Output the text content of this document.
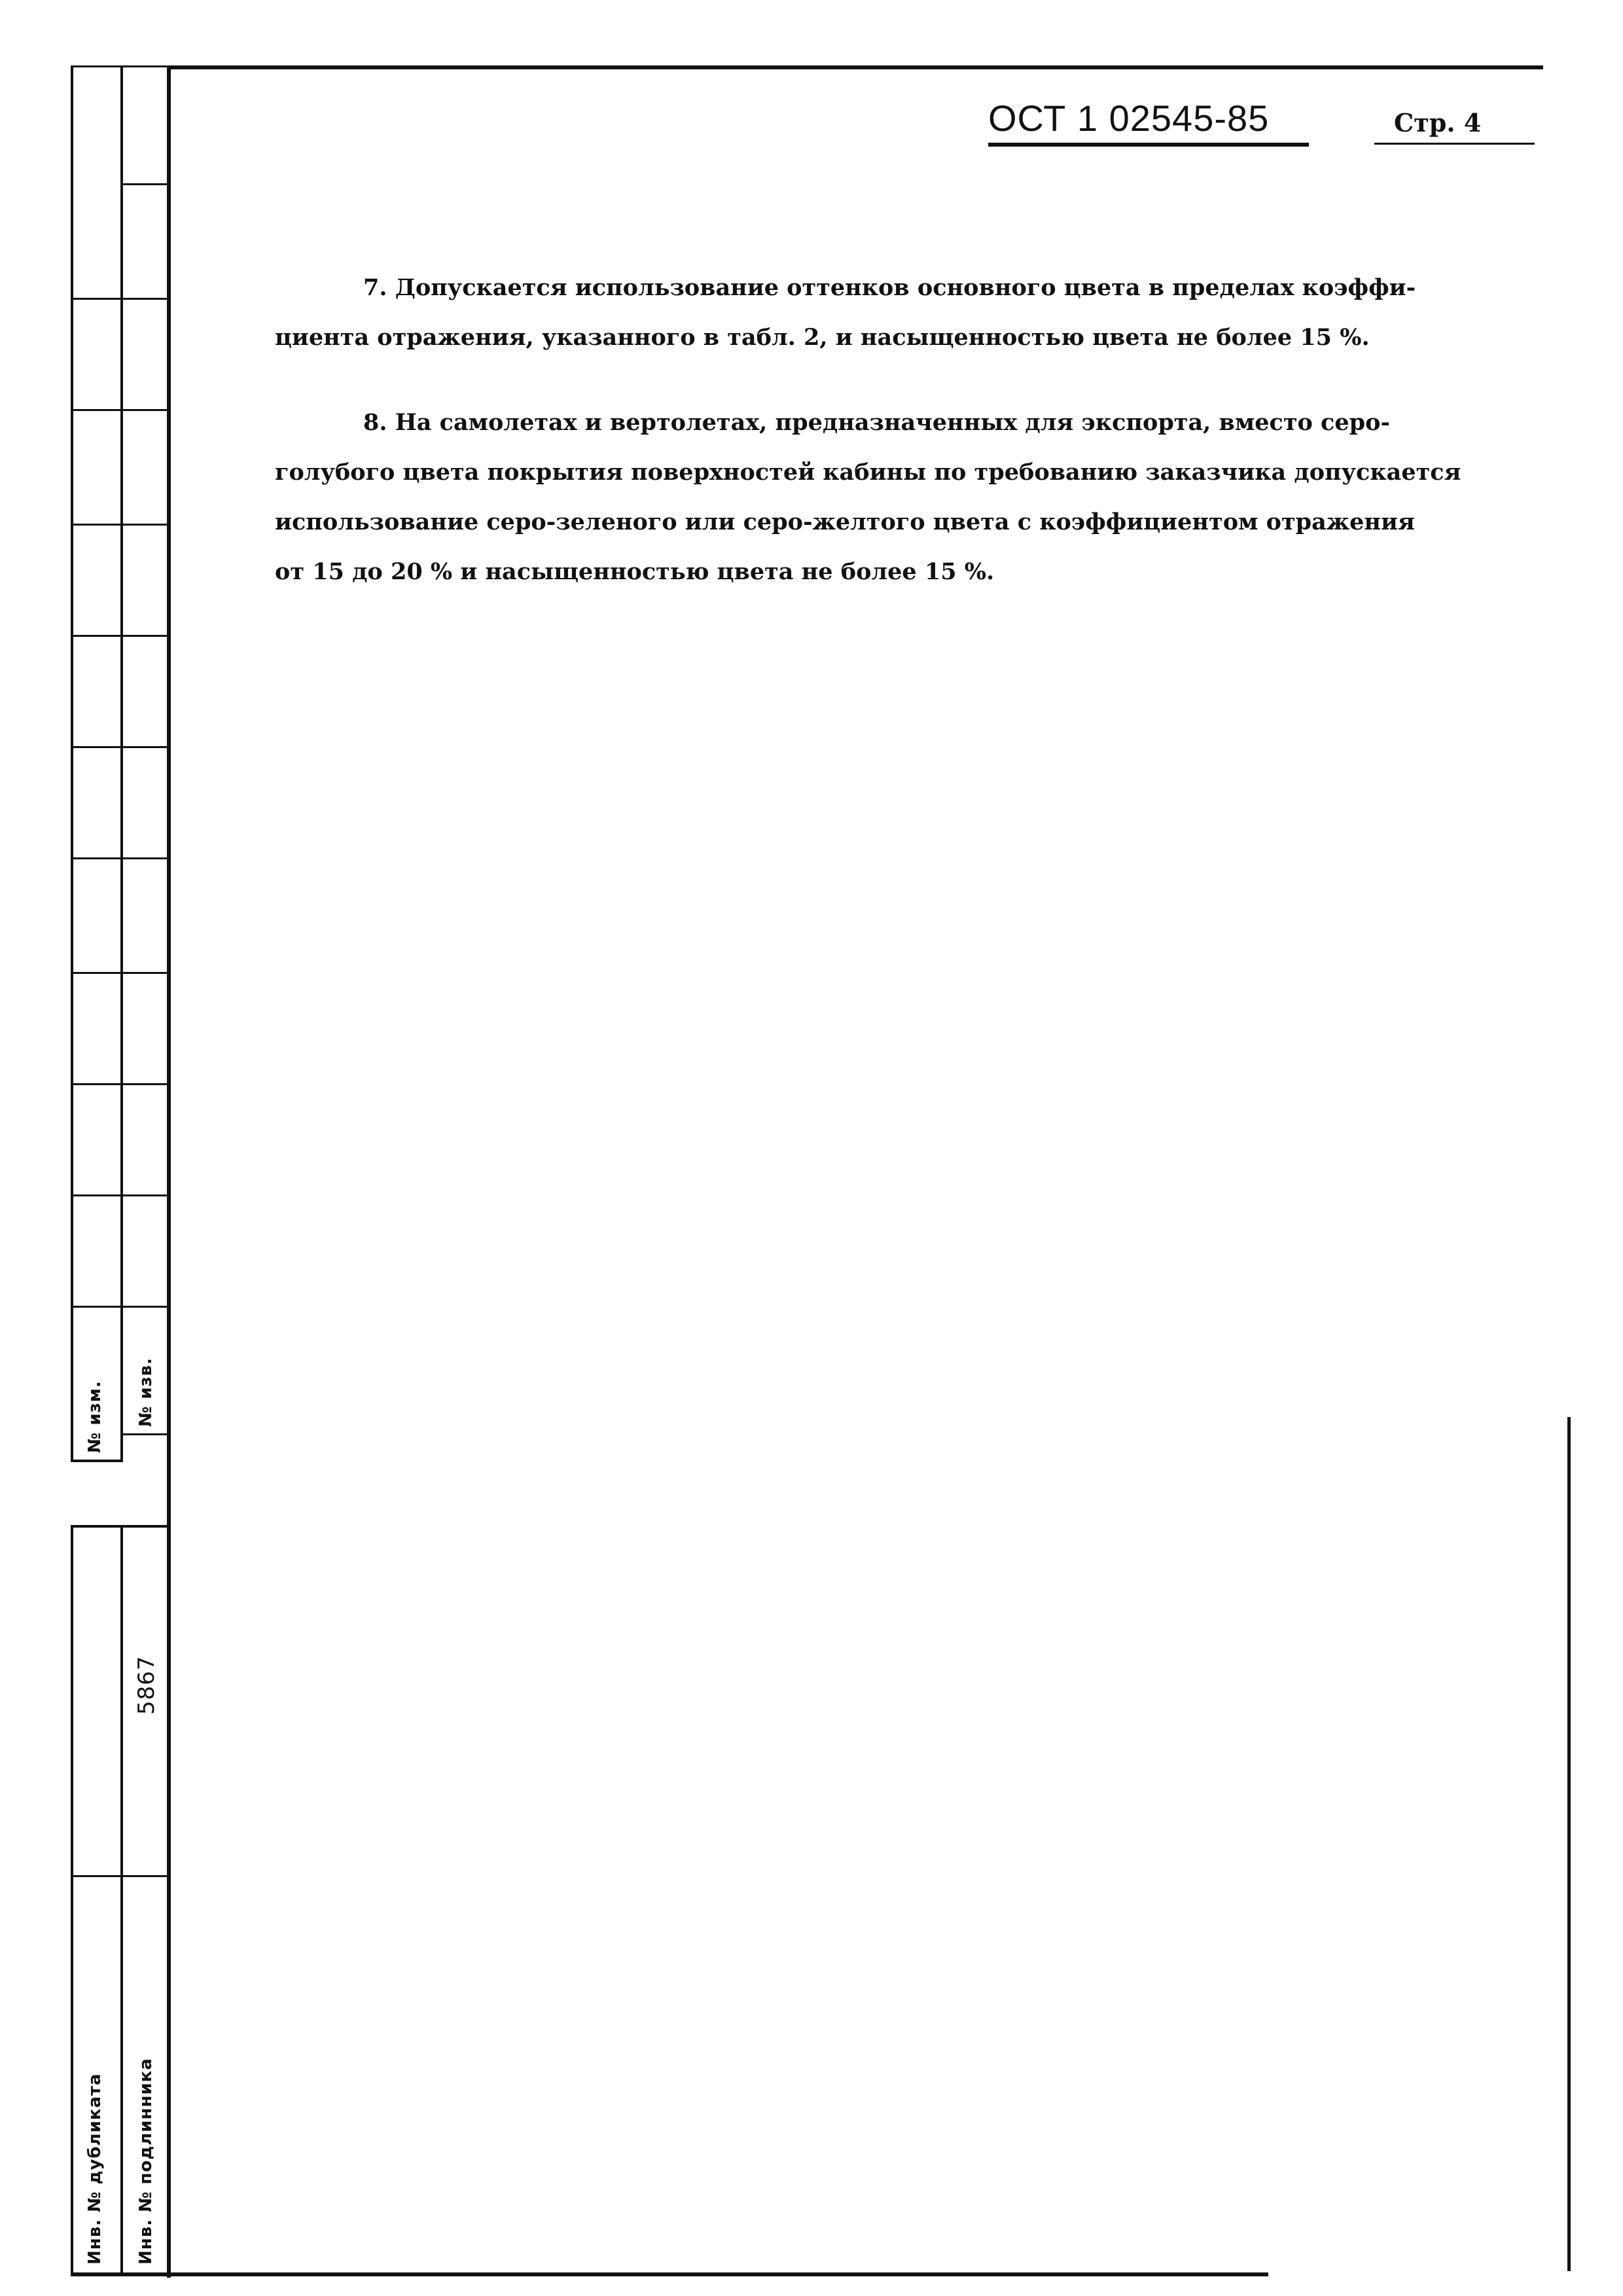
№ изм. № изв.
Инв. № дубликата Инв. № подлинника
5867
ОСТ 1 02545-85	Стр. 4
7. Допускается использование оттенков основного цвета в пределах коэффи-
циента отражения, указанного в табл. 2, и насыщенностью цвета не более 15 %.
8. На самолетах и вертолетах, предназначенных для экспорта, вместо серо-
голубого цвета покрытия поверхностей кабины по требованию заказчика допускается
использование серо-зеленого или серо-желтого цвета с коэффициентом отражения
от 15 до 20 % и насыщенностью цвета не более 15 %.
